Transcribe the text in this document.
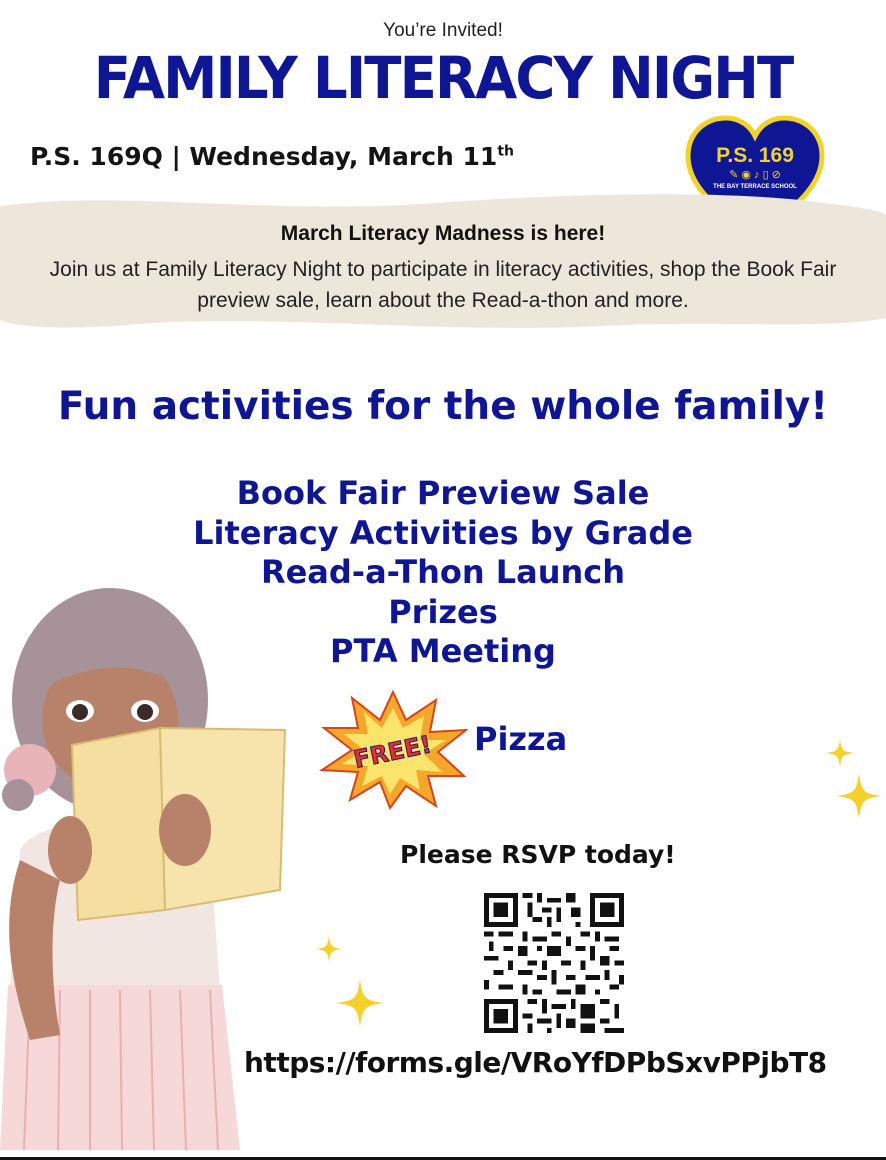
You’re Invited!
FAMILY LITERACY NIGHT
P.S. 169Q | Wednesday, March 11th	P.S. 169
✎ ◉ ♪ ▯ ⊘
THE BAY TERRACE SCHOOL
March Literacy Madness is here!
Join us at Family Literacy Night to participate in literacy activities, shop the Book Fair preview sale, learn about the Read-a-thon and more.
Fun activities for the whole family!
Book Fair Preview Sale
Literacy Activities by Grade
Read-a-Thon Launch
Prizes
PTA Meeting
FREE! Pizza
Please RSVP today!
https://forms.gle/VRoYfDPbSxvPPjbT8
